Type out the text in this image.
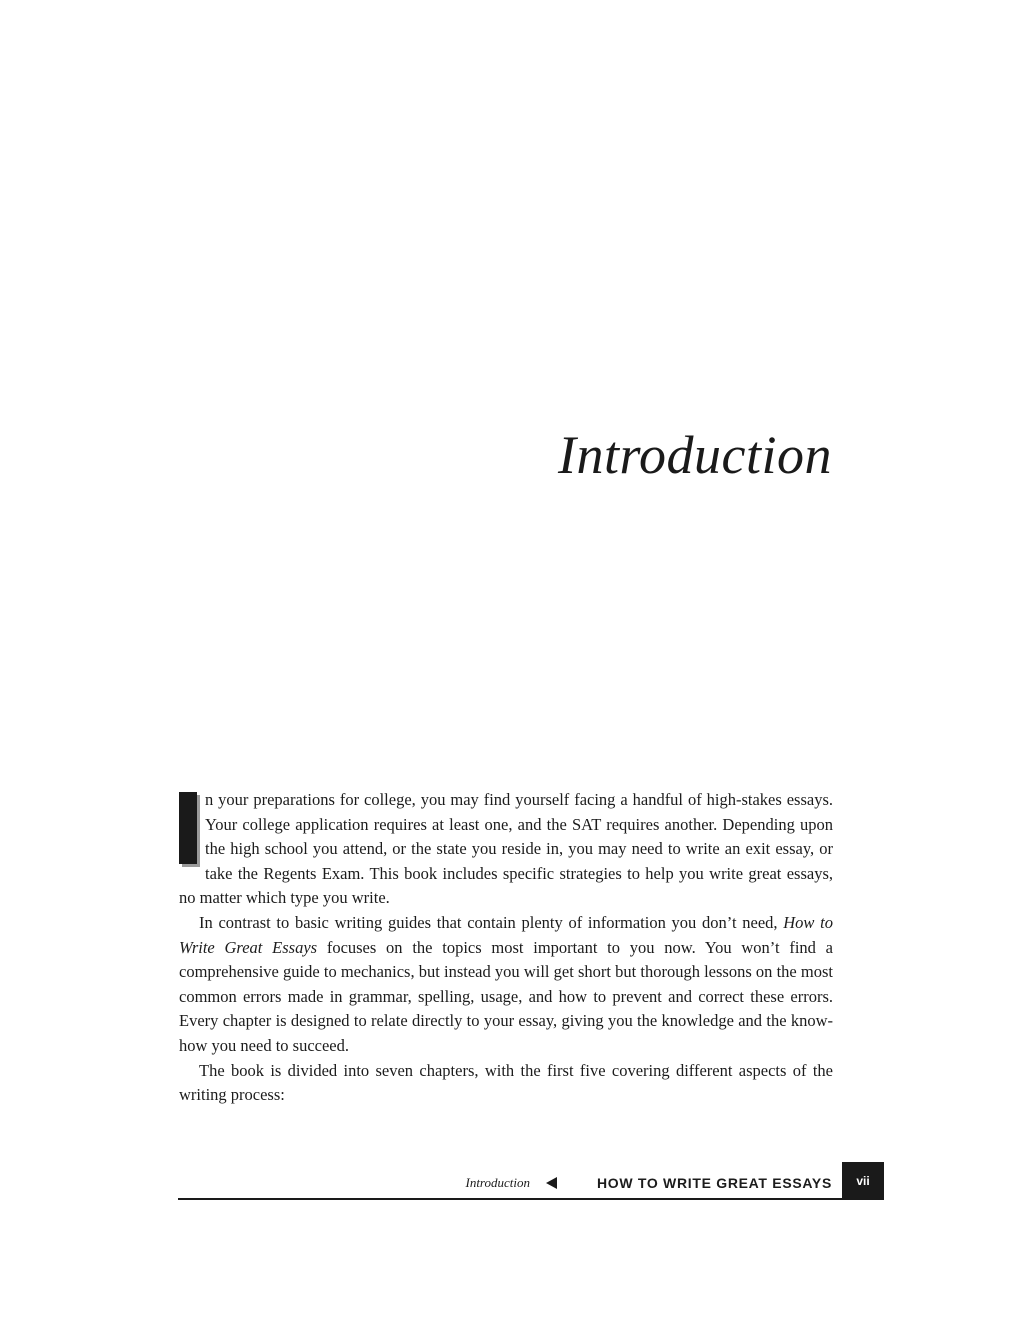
Introduction

n your preparations for college, you may find yourself facing a handful of high-stakes essays. Your college application requires at least one, and the SAT requires another. Depending upon the high school you attend, or the state you reside in, you may need to write an exit essay, or take the Regents Exam. This book includes specific strategies to help you write great essays, no matter which type you write.

In contrast to basic writing guides that contain plenty of information you don’t need, How to Write Great Essays focuses on the topics most important to you now. You won’t find a comprehensive guide to mechanics, but instead you will get short but thorough lessons on the most common errors made in grammar, spelling, usage, and how to prevent and correct these errors. Every chapter is designed to relate directly to your essay, giving you the knowledge and the know-how you need to succeed.

The book is divided into seven chapters, with the first five covering different aspects of the writing process:

Introduction	HOW TO WRITE GREAT ESSAYS	vii
